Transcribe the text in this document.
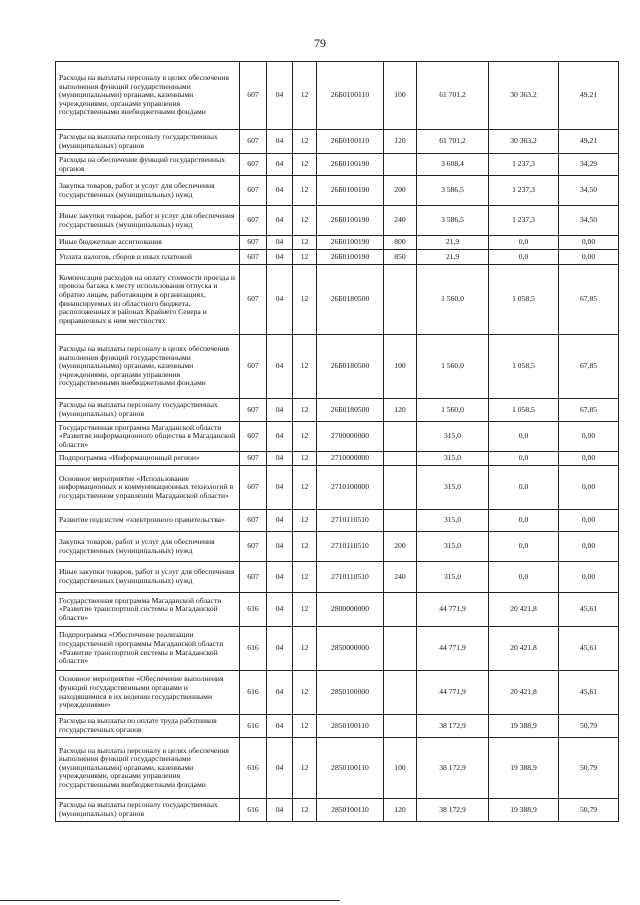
79
Расходы на выплаты персоналу в целях обеспечения выполнения функций государственными (муниципальными) органами, казенными учреждениями, органами управления государственными внебюджетными фондами	607	04	12	26Б0100110	100	61 701,2	30 363,2	49,21
Расходы на выплаты персоналу государственных (муниципальных) органов	607	04	12	26Б0100110	120	61 701,2	30 363,2	49,21
Расходы на обеспечение функций государственных органов	607	04	12	26Б0100190		3 608,4	1 237,3	34,29
Закупка товаров, работ и услуг для обеспечения государственных (муниципальных) нужд	607	04	12	26Б0100190	200	3 586,5	1 237,3	34,50
Иные закупки товаров, работ и услуг для обеспечения государственных (муниципальных) нужд	607	04	12	26Б0100190	240	3 586,5	1 237,3	34,50
Иные бюджетные ассигнования	607	04	12	26Б0100190	800	21,9	0,0	0,00
Уплата налогов, сборов и иных платежей	607	04	12	26Б0100190	850	21,9	0,0	0,00
Компенсация расходов на оплату стоимости проезда и провоза багажа к месту использования отпуска и обратно лицам, работающим в организациях, финансируемых из областного бюджета, расположенных в районах Крайнего Севера и приравненных к ним местностях	607	04	12	26Б0180500		1 560,0	1 058,5	67,85
Расходы на выплаты персоналу в целях обеспечения выполнения функций государственными (муниципальными) органами, казенными учреждениями, органами управления государственными внебюджетными фондами	607	04	12	26Б0180500	100	1 560,0	1 058,5	67,85
Расходы на выплаты персоналу государственных (муниципальных) органов	607	04	12	26Б0180500	120	1 560,0	1 058,5	67,85
Государственная программа Магаданской области «Развитие информационного общества в Магаданской области»	607	04	12	2700000000		315,0	0,0	0,00
Подпрограмма «Информационный регион»	607	04	12	2710000000		315,0	0,0	0,00
Основное мероприятие «Использование информационных и коммуникационных технологий в государственном управлении Магаданской области»	607	04	12	2710100000		315,0	0,0	0,00
Развитие подсистем «электронного правительства»	607	04	12	2710110510		315,0	0,0	0,00
Закупка товаров, работ и услуг для обеспечения государственных (муниципальных) нужд	607	04	12	2710110510	200	315,0	0,0	0,00
Иные закупки товаров, работ и услуг для обеспечения государственных (муниципальных) нужд	607	04	12	2710110510	240	315,0	0,0	0,00
Государственная программа Магаданской области «Развитие транспортной системы в Магаданской области»	616	04	12	2800000000		44 771,9	20 421,8	45,61
Подпрограмма «Обеспечение реализации государственной программы Магаданской области «Развитие транспортной системы в Магаданской области»	616	04	12	2850000000		44 771,9	20 421,8	45,61
Основное мероприятие «Обеспечение выполнения функций государственными органами и находящимися в их ведении государственными учреждениями»	616	04	12	2850100000		44 771,9	20 421,8	45,61
Расходы на выплаты по оплате труда работников государственных органов	616	04	12	2850100110		38 172,9	19 388,9	50,79
Расходы на выплаты персоналу в целях обеспечения выполнения функций государственными (муниципальными) органами, казенными учреждениями, органами управления государственными внебюджетными фондами	616	04	12	2850100110	100	38 172,9	19 388,9	50,79
Расходы на выплаты персоналу государственных (муниципальных) органов	616	04	12	2850100110	120	38 172,9	19 388,9	50,79
